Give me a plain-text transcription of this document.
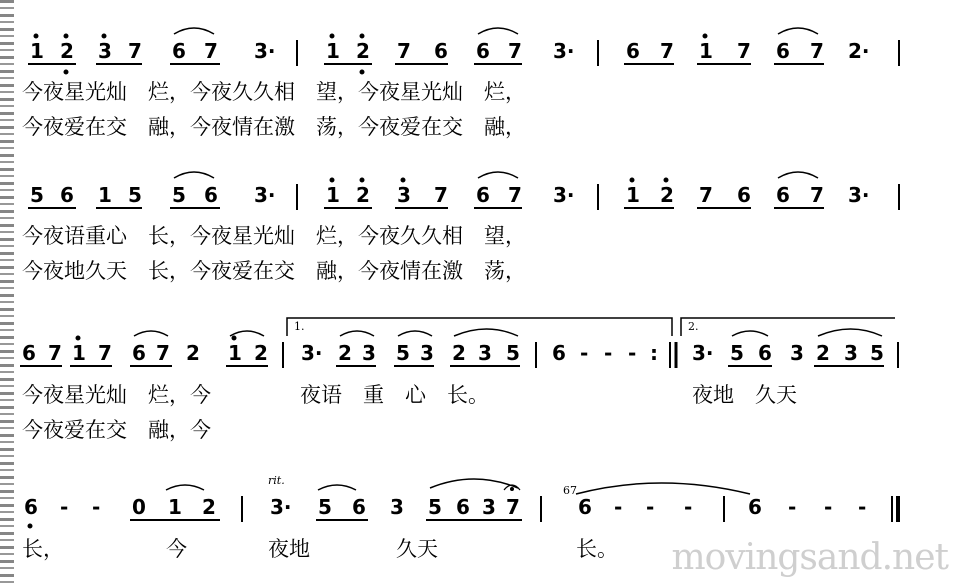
1 2 3 7 6 7 3·	1 2 7 6 6 7 3·	6 7 1 7 6 7 2·
今夜星光灿　烂，今夜久久相　望，今夜星光灿　烂，
今夜爱在交　融，今夜情在激　荡，今夜爱在交　融，
5 6 1 5 5 6 3·	1 2 3 7 6 7 3·	1 2 7 6 6 7 3·
今夜语重心　长，今夜星光灿　烂，今夜久久相　望，
今夜地久天　长，今夜爱在交　融，今夜情在激　荡，
1.	2.
6 7 1 7 6 7 2 1 2 3· 2 3 5 3 2 3 5 6 - - - : 3· 5 6 3 2 3 5
今夜星光灿　烂，今	夜语　重　心　长。	夜地　久天
今夜爱在交　融，今
rit.
67
6 - - 0 1 2	3· 5 6 3 5 6 3 7	6 - - -	6 - - -
长，	今	夜地	久天	长。 movingsand.net
